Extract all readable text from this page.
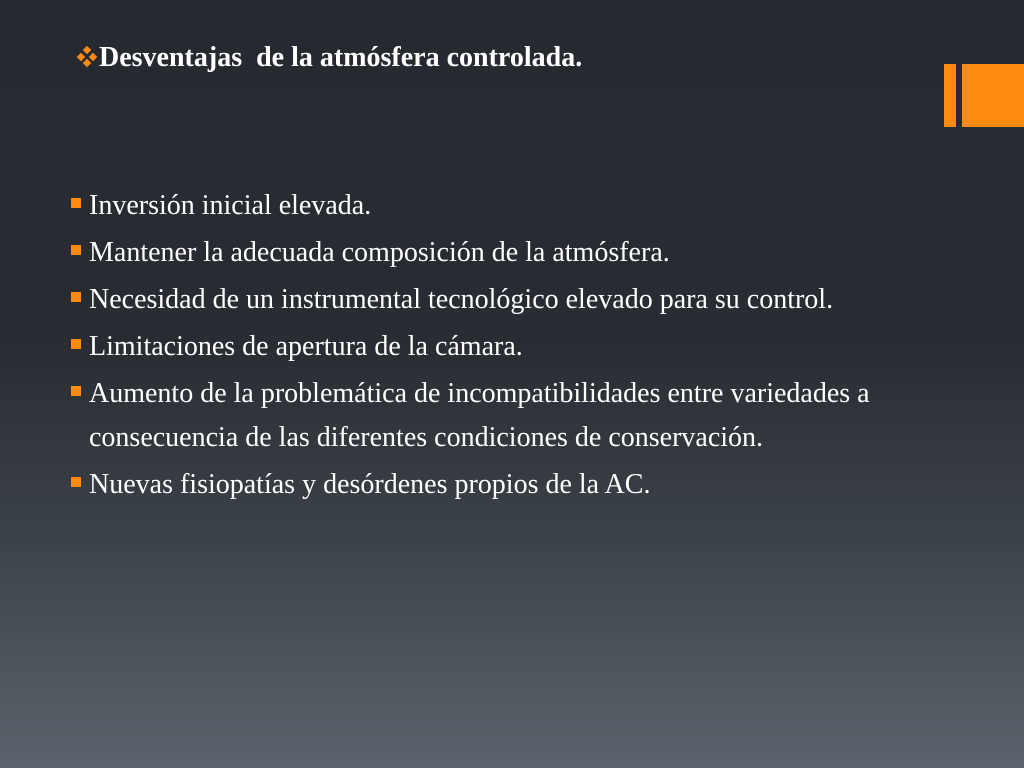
Desventajas  de la atmósfera controlada.
Inversión inicial elevada.
Mantener la adecuada composición de la atmósfera.
Necesidad de un instrumental tecnológico elevado para su control.
Limitaciones de apertura de la cámara.
Aumento de la problemática de incompatibilidades entre variedades a consecuencia de las diferentes condiciones de conservación.
Nuevas fisiopatías y desórdenes propios de la AC.
